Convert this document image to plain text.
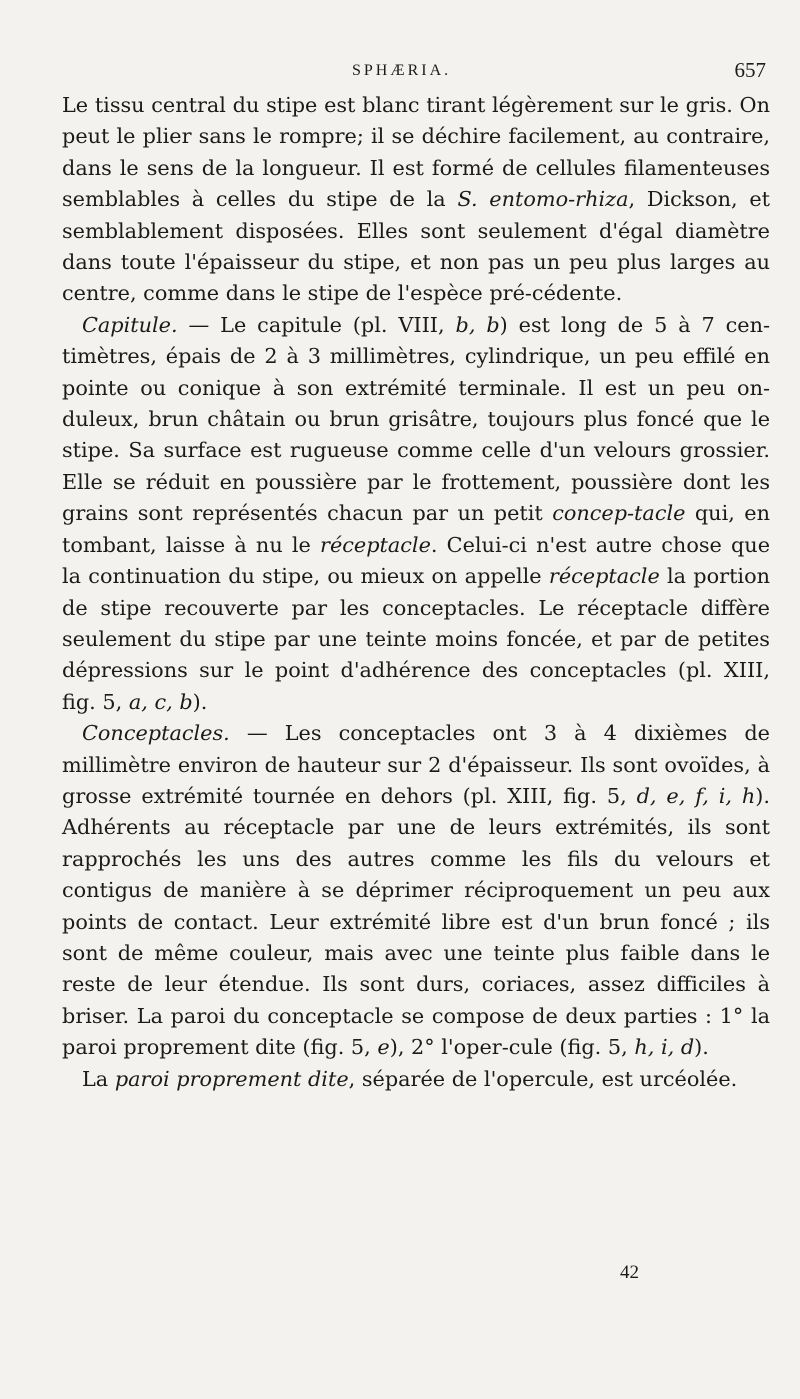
SPHÆRIA.	657

Le tissu central du stipe est blanc tirant légèrement sur le gris. On peut le plier sans le rompre; il se déchire facilement, au contraire, dans le sens de la longueur. Il est formé de cellules filamenteuses semblables à celles du stipe de la S. entomo-rhiza, Dickson, et semblablement disposées. Elles sont seulement d'égal diamètre dans toute l'épaisseur du stipe, et non pas un peu plus larges au centre, comme dans le stipe de l'espèce pré-cédente.

Capitule. — Le capitule (pl. VIII, b, b) est long de 5 à 7 cen-timètres, épais de 2 à 3 millimètres, cylindrique, un peu effilé en pointe ou conique à son extrémité terminale. Il est un peu on-duleux, brun châtain ou brun grisâtre, toujours plus foncé que le stipe. Sa surface est rugueuse comme celle d'un velours grossier. Elle se réduit en poussière par le frottement, poussière dont les grains sont représentés chacun par un petit concep-tacle qui, en tombant, laisse à nu le réceptacle. Celui-ci n'est autre chose que la continuation du stipe, ou mieux on appelle réceptacle la portion de stipe recouverte par les conceptacles. Le réceptacle diffère seulement du stipe par une teinte moins foncée, et par de petites dépressions sur le point d'adhérence des conceptacles (pl. XIII, fig. 5, a, c, b).

Conceptacles. — Les conceptacles ont 3 à 4 dixièmes de millimètre environ de hauteur sur 2 d'épaisseur. Ils sont ovoïdes, à grosse extrémité tournée en dehors (pl. XIII, fig. 5, d, e, f, i, h). Adhérents au réceptacle par une de leurs extrémités, ils sont rapprochés les uns des autres comme les fils du velours et contigus de manière à se déprimer réciproquement un peu aux points de contact. Leur extrémité libre est d'un brun foncé ; ils sont de même couleur, mais avec une teinte plus faible dans le reste de leur étendue. Ils sont durs, coriaces, assez difficiles à briser. La paroi du conceptacle se compose de deux parties : 1° la paroi proprement dite (fig. 5, e), 2° l'oper-cule (fig. 5, h, i, d).

La paroi proprement dite, séparée de l'opercule, est urcéolée.

42
